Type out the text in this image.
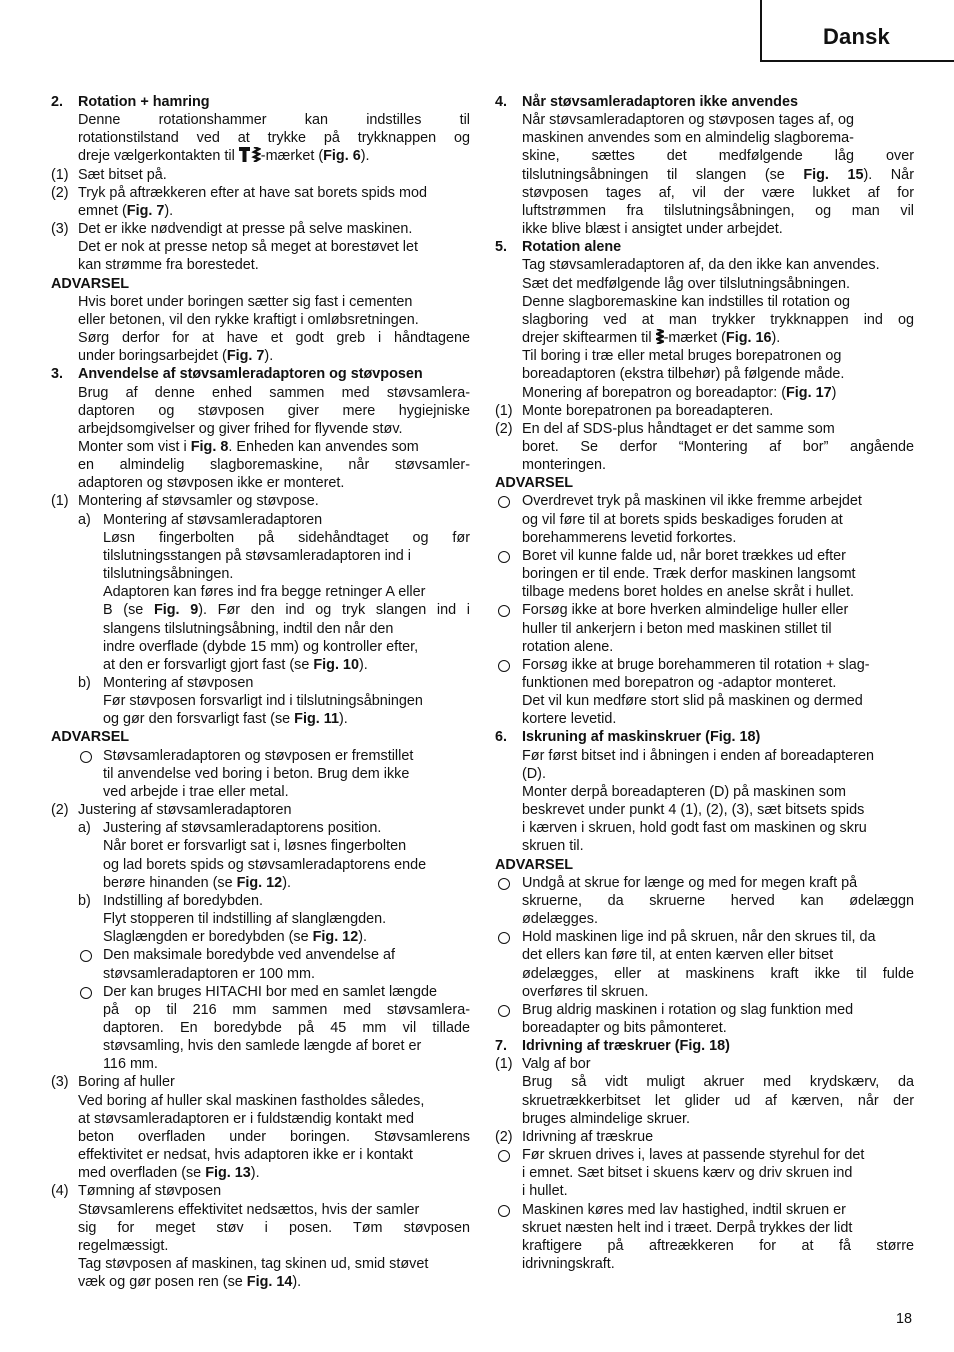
Dansk
2. Rotation + hamring
Denne rotationshammer kan indstilles til
rotationstilstand ved at trykke på trykknappen og
dreje vælgerkontakten til -mærket (Fig. 6).
(1) Sæt bitset på.
(2) Tryk på aftrækkeren efter at have sat borets spids mod
emnet (Fig. 7).
(3) Det er ikke nødvendigt at presse på selve maskinen.
Det er nok at presse netop så meget at borestøvet let
kan strømme fra borestedet.
ADVARSEL
Hvis boret under boringen sætter sig fast i cementen
eller betonen, vil den rykke kraftigt i omløbsretningen.
Sørg derfor for at have et godt greb i håndtagene
under boringsarbejdet (Fig. 7).
3. Anvendelse af støvsamleradaptoren og støvposen
Brug af denne enhed sammen med støvsamlera-
daptoren og støvposen giver mere hygiejniske
arbejdsomgivelser og giver frihed for flyvende støv.
Monter som vist i Fig. 8. Enheden kan anvendes som
en almindelig slagboremaskine, når støvsamler-
adaptoren og støvposen ikke er monteret.
(1) Montering af støvsamler og støvpose.
a) Montering af støvsamleradaptoren
Løsn fingerbolten på sidehåndtaget og før
tilslutningsstangen på støvsamleradaptoren ind i
tilslutningsåbningen.
Adaptoren kan føres ind fra begge retninger A eller
B (se Fig. 9). Før den ind og tryk slangen ind i
slangens tilslutningsåbning, indtil den når den
indre overflade (dybde 15 mm) og kontroller efter,
at den er forsvarligt gjort fast (se Fig. 10).
b) Montering af støvposen
Før støvposen forsvarligt ind i tilslutningsåbningen
og gør den forsvarligt fast (se Fig. 11).
ADVARSEL
Støvsamleradaptoren og støvposen er fremstillet
til anvendelse ved boring i beton. Brug dem ikke
ved arbejde i trae eller metal.
(2) Justering af støvsamleradaptoren
a) Justering af støvsamleradaptorens position.
Når boret er forsvarligt sat i, løsnes fingerbolten
og lad borets spids og støvsamleradaptorens ende
berøre hinanden (se Fig. 12).
b) Indstilling af boredybden.
Flyt stopperen til indstilling af slanglængden.
Slaglængden er boredybden (se Fig. 12).
Den maksimale boredybde ved anvendelse af
støvsamleradaptoren er 100 mm.
Der kan bruges HITACHI bor med en samlet længde
på op til 216 mm sammen med støvsamlera-
daptoren. En boredybde på 45 mm vil tillade
støvsamling, hvis den samlede længde af boret er
116 mm.
(3) Boring af huller
Ved boring af huller skal maskinen fastholdes således,
at støvsamleradaptoren er i fuldstændig kontakt med
beton overfladen under boringen. Støvsamlerens
effektivitet er nedsat, hvis adaptoren ikke er i kontakt
med overfladen (se Fig. 13).
(4) Tømning af støvposen
Støvsamlerens effektivitet nedsættos, hvis der samler
sig for meget støv i posen. Tøm støvposen
regelmæssigt.
Tag støvposen af maskinen, tag skinen ud, smid støvet
væk og gør posen ren (se Fig. 14).
4. Når støvsamleradaptoren ikke anvendes
Når støvsamleradaptoren og støvposen tages af, og
maskinen anvendes som en almindelig slagborema-
skine, sættes det medfølgende låg over
tilslutningsåbningen til slangen (se Fig. 15). Når
støvposen tages af, vil der være lukket af for
luftstrømmen fra tilslutningsåbningen, og man vil
ikke blive blæst i ansigtet under arbejdet.
5. Rotation alene
Tag støvsamleradaptoren af, da den ikke kan anvendes.
Sæt det medfølgende låg over tilslutningsåbningen.
Denne slagboremaskine kan indstilles til rotation og
slagboring ved at man trykker trykknappen ind og
drejer skiftearmen til -mærket (Fig. 16).
Til boring i træ eller metal bruges borepatronen og
boreadaptoren (ekstra tilbehør) på følgende måde.
Monering af borepatron og boreadaptor: (Fig. 17)
(1) Monte borepatronen pa boreadapteren.
(2) En del af SDS-plus håndtaget er det samme som
boret. Se derfor “Montering af bor” angående
monteringen.
ADVARSEL
Overdrevet tryk på maskinen vil ikke fremme arbejdet
og vil føre til at borets spids beskadiges foruden at
borehammerens levetid forkortes.
Boret vil kunne falde ud, når boret trækkes ud efter
boringen er til ende. Træk derfor maskinen langsomt
tilbage medens boret holdes en anelse skråt i hullet.
Forsøg ikke at bore hverken almindelige huller eller
huller til ankerjern i beton med maskinen stillet til
rotation alene.
Forsøg ikke at bruge borehammeren til rotation + slag-
funktionen med borepatron og -adaptor monteret.
Det vil kun medføre stort slid på maskinen og dermed
kortere levetid.
6. Iskruning af maskinskruer (Fig. 18)
Før først bitset ind i åbningen i enden af boreadapteren
(D).
Monter derpå boreadapteren (D) på maskinen som
beskrevet under punkt 4 (1), (2), (3), sæt bitsets spids
i kærven i skruen, hold godt fast om maskinen og skru
skruen til.
ADVARSEL
Undgå at skrue for længe og med for megen kraft på
skruerne, da skruerne herved kan ødelæggn
ødelægges.
Hold maskinen lige ind på skruen, når den skrues til, da
det ellers kan føre til, at enten kærven eller bitset
ødelægges, eller at maskinens kraft ikke til fulde
overføres til skruen.
Brug aldrig maskinen i rotation og slag funktion med
boreadapter og bits påmonteret.
7. Idrivning af træskruer (Fig. 18)
(1) Valg af bor
Brug så vidt muligt akruer med krydskærv, da
skruetrækkerbitset let glider ud af kærven, når der
bruges almindelige skruer.
(2) Idrivning af træskrue
Før skruen drives i, laves at passende styrehul for det
i emnet. Sæt bitset i skuens kærv og driv skruen ind
i hullet.
Maskinen køres med lav hastighed, indtil skruen er
skruet næsten helt ind i træet. Derpå trykkes der lidt
kraftigere på aftreækkeren for at få større
idrivningskraft.
18
